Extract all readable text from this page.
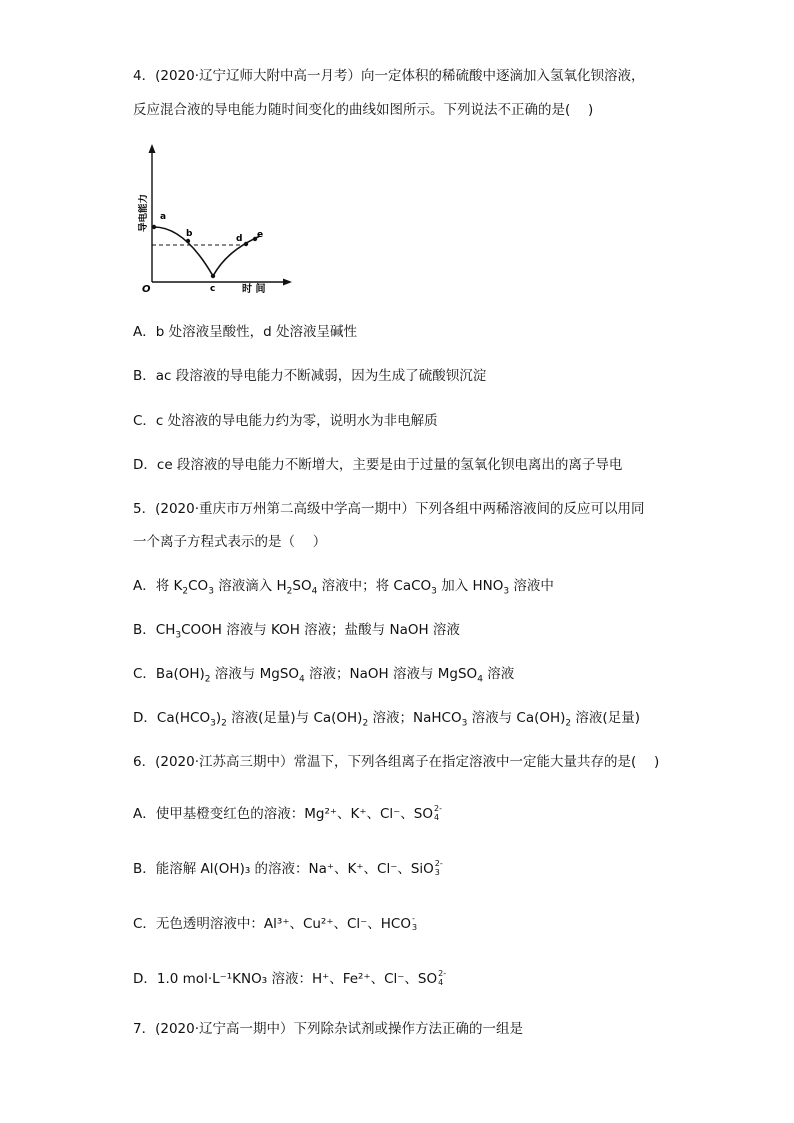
4．(2020·辽宁辽师大附中高一月考）向一定体积的稀硫酸中逐滴加入氢氧化钡溶液，
反应混合液的导电能力随时间变化的曲线如图所示。下列说法不正确的是(　 )
a
b
c
d e
O	时 间
导电能力
A．b 处溶液呈酸性，d 处溶液呈碱性
B．ac 段溶液的导电能力不断减弱，因为生成了硫酸钡沉淀
C．c 处溶液的导电能力约为零，说明水为非电解质
D．ce 段溶液的导电能力不断增大，主要是由于过量的氢氧化钡电离出的离子导电
5．(2020·重庆市万州第二高级中学高一期中）下列各组中两稀溶液间的反应可以用同
一个离子方程式表示的是（　 ）
A．将 $K_2CO_3$ 溶液滴入 $H_2SO_4$ 溶液中；将 CaCO$_3$ 加入 $HNO_3$ 溶液中
B．$CH_3COOH$ 溶液与 KOH 溶液；盐酸与 NaOH 溶液
C．$Ba(OH)_2$ 溶液与 MgSO$_4$ 溶液；NaOH 溶液与 MgSO$_4$ 溶液
D．$Ca(HCO_3)_2$ 溶液(足量)与 $Ca(OH)_2$ 溶液；NaHCO$_3$ 溶液与 $Ca(OH)_2$ 溶液(足量)
6．(2020·江苏高三期中）常温下，下列各组离子在指定溶液中一定能大量共存的是(　 )
A．使甲基橙变红色的溶液：Mg²⁺、K⁺、Cl⁻、SO 2-
4
B．能溶解 Al(OH)₃ 的溶液：Na⁺、K⁺、Cl⁻、SiO 2-
3
C．无色透明溶液中：Al³⁺、Cu²⁺、Cl⁻、HCO -
3
D．1.0 mol·L⁻¹KNO₃ 溶液：H⁺、Fe²⁺、Cl⁻、SO 2-
4
7．(2020·辽宁高一期中）下列除杂试剂或操作方法正确的一组是
